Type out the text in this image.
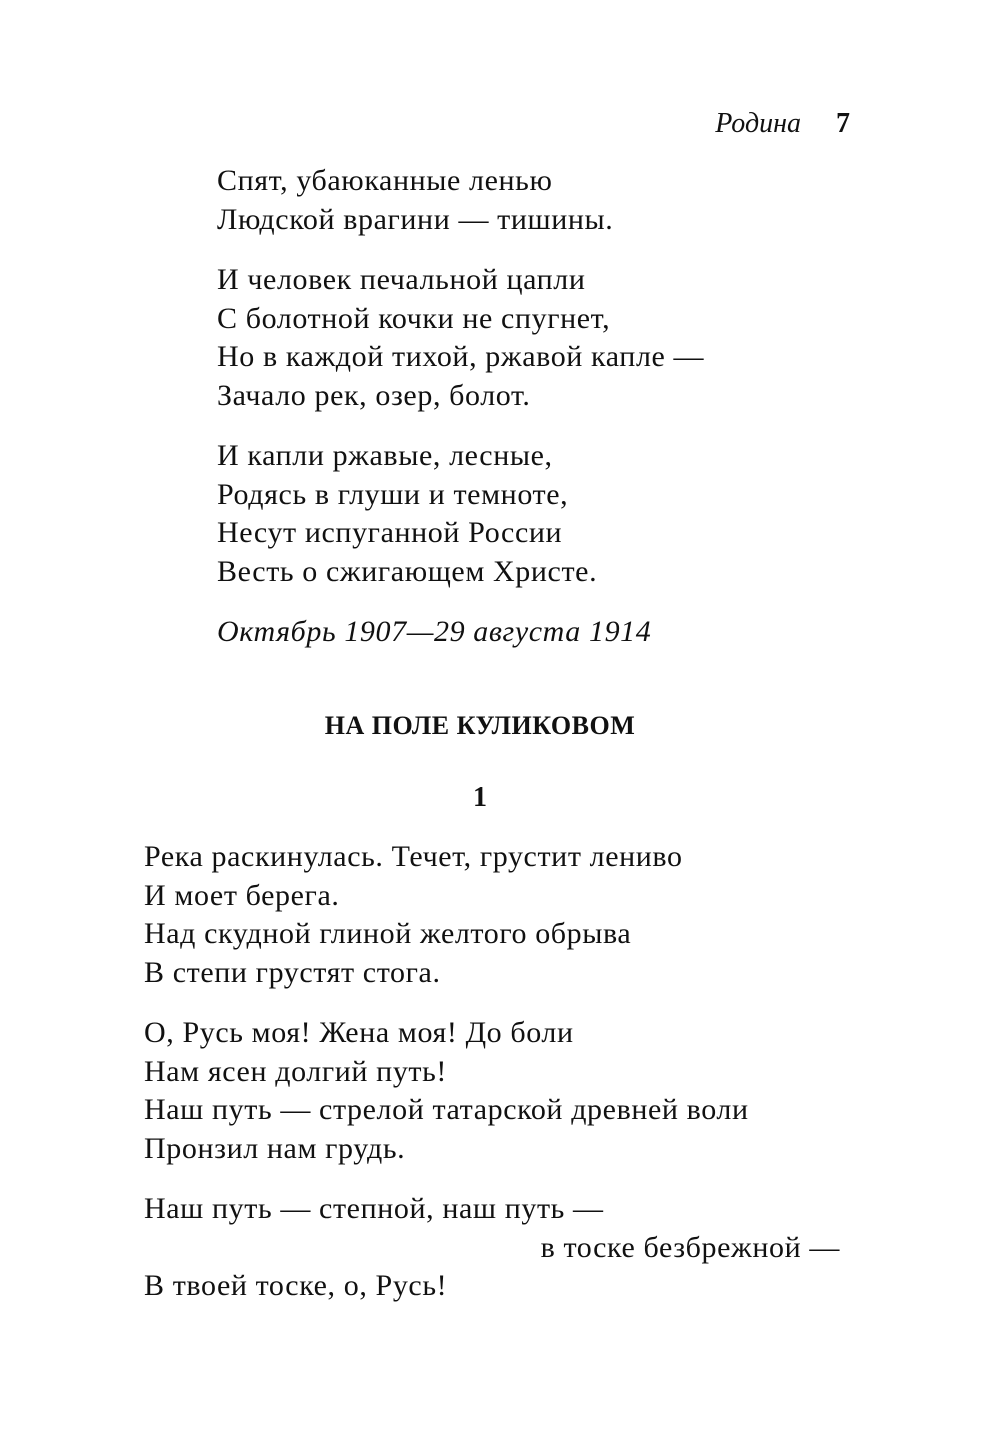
Родина 7
Спят, убаюканные ленью
Людской врагини — тишины.
И человек печальной цапли
С болотной кочки не спугнет,
Но в каждой тихой, ржавой капле —
Зачало рек, озер, болот.
И капли ржавые, лесные,
Родясь в глуши и темноте,
Несут испуганной России
Весть о сжигающем Христе.
Октябрь 1907—29 августа 1914
НА ПОЛЕ КУЛИКОВОМ
1
Река раскинулась. Течет, грустит лениво
И моет берега.
Над скудной глиной желтого обрыва
В степи грустят стога.
О, Русь моя! Жена моя! До боли
Нам ясен долгий путь!
Наш путь — стрелой татарской древней воли
Пронзил нам грудь.
Наш путь — степной, наш путь —
в тоске безбрежной —
В твоей тоске, о, Русь!
